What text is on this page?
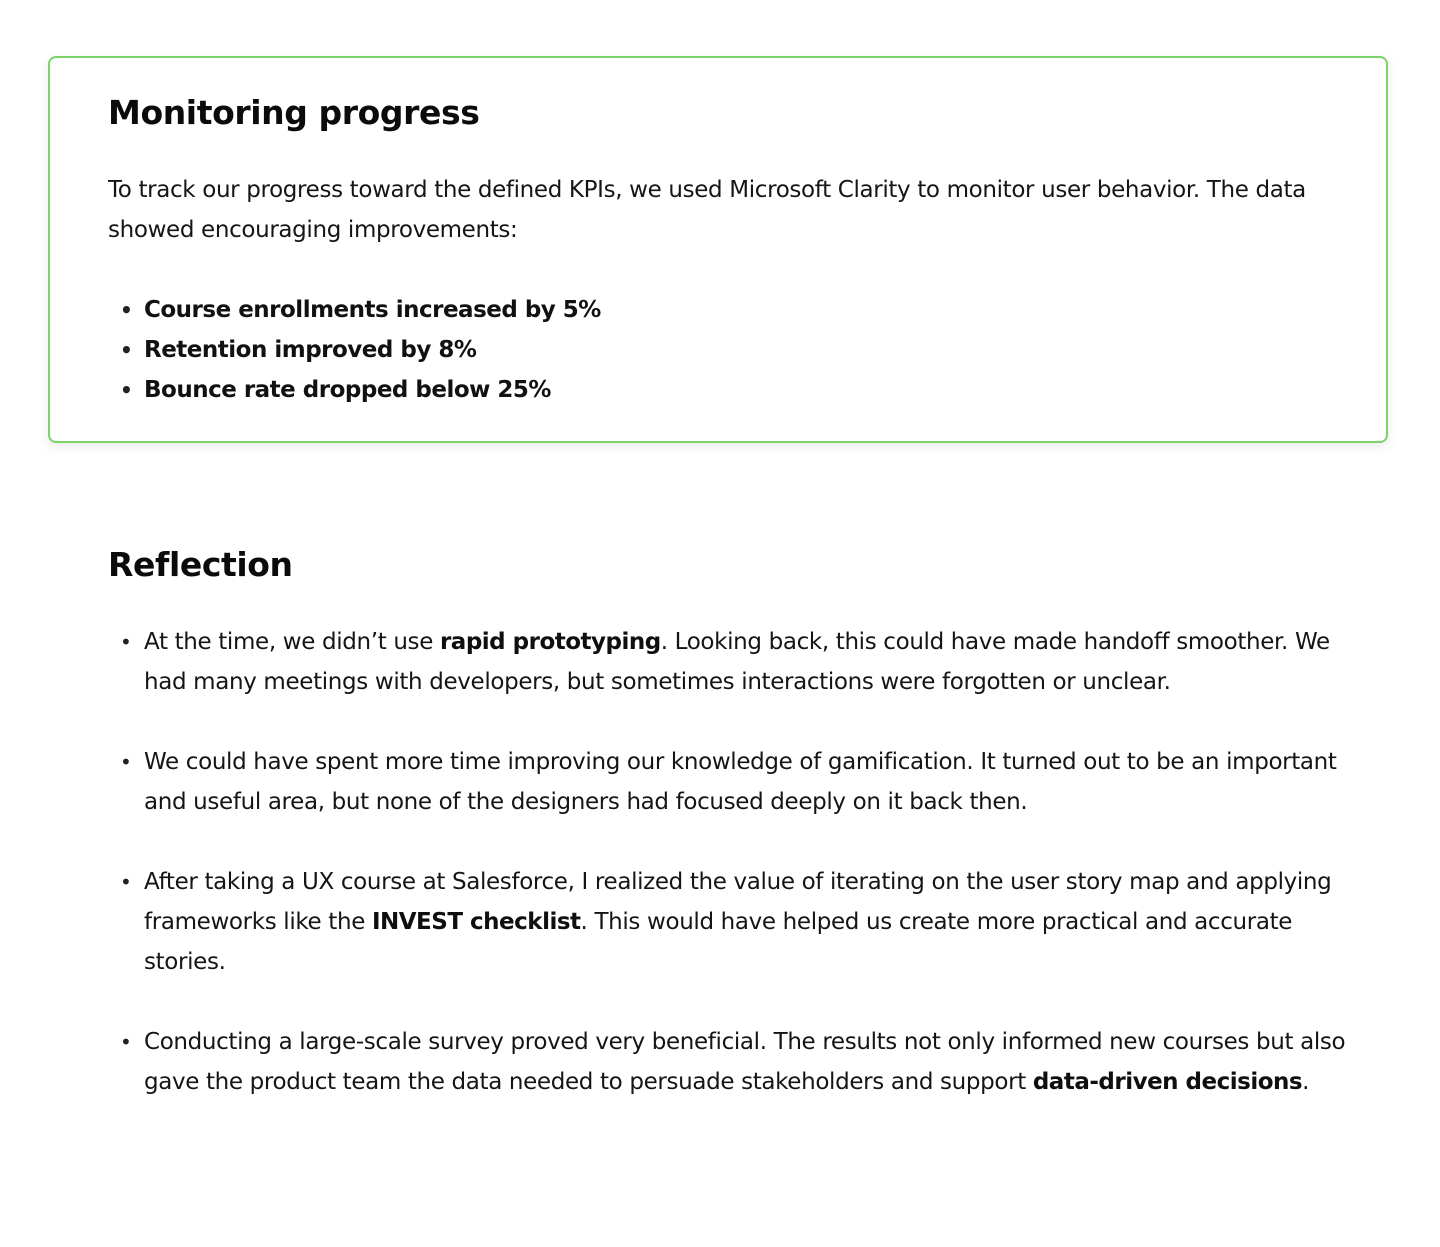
Monitoring progress

To track our progress toward the defined KPIs, we used Microsoft Clarity to monitor user behavior. The data showed encouraging improvements:

• Course enrollments increased by 5%
• Retention improved by 8%
• Bounce rate dropped below 25%
Reflection
• At the time, we didn’t use rapid prototyping. Looking back, this could have made handoff smoother. We had many meetings with developers, but sometimes interactions were forgotten or unclear.
• We could have spent more time improving our knowledge of gamification. It turned out to be an important and useful area, but none of the designers had focused deeply on it back then.
• After taking a UX course at Salesforce, I realized the value of iterating on the user story map and applying frameworks like the INVEST checklist. This would have helped us create more practical and accurate stories.
• Conducting a large-scale survey proved very beneficial. The results not only informed new courses but also gave the product team the data needed to persuade stakeholders and support data-driven decisions.
